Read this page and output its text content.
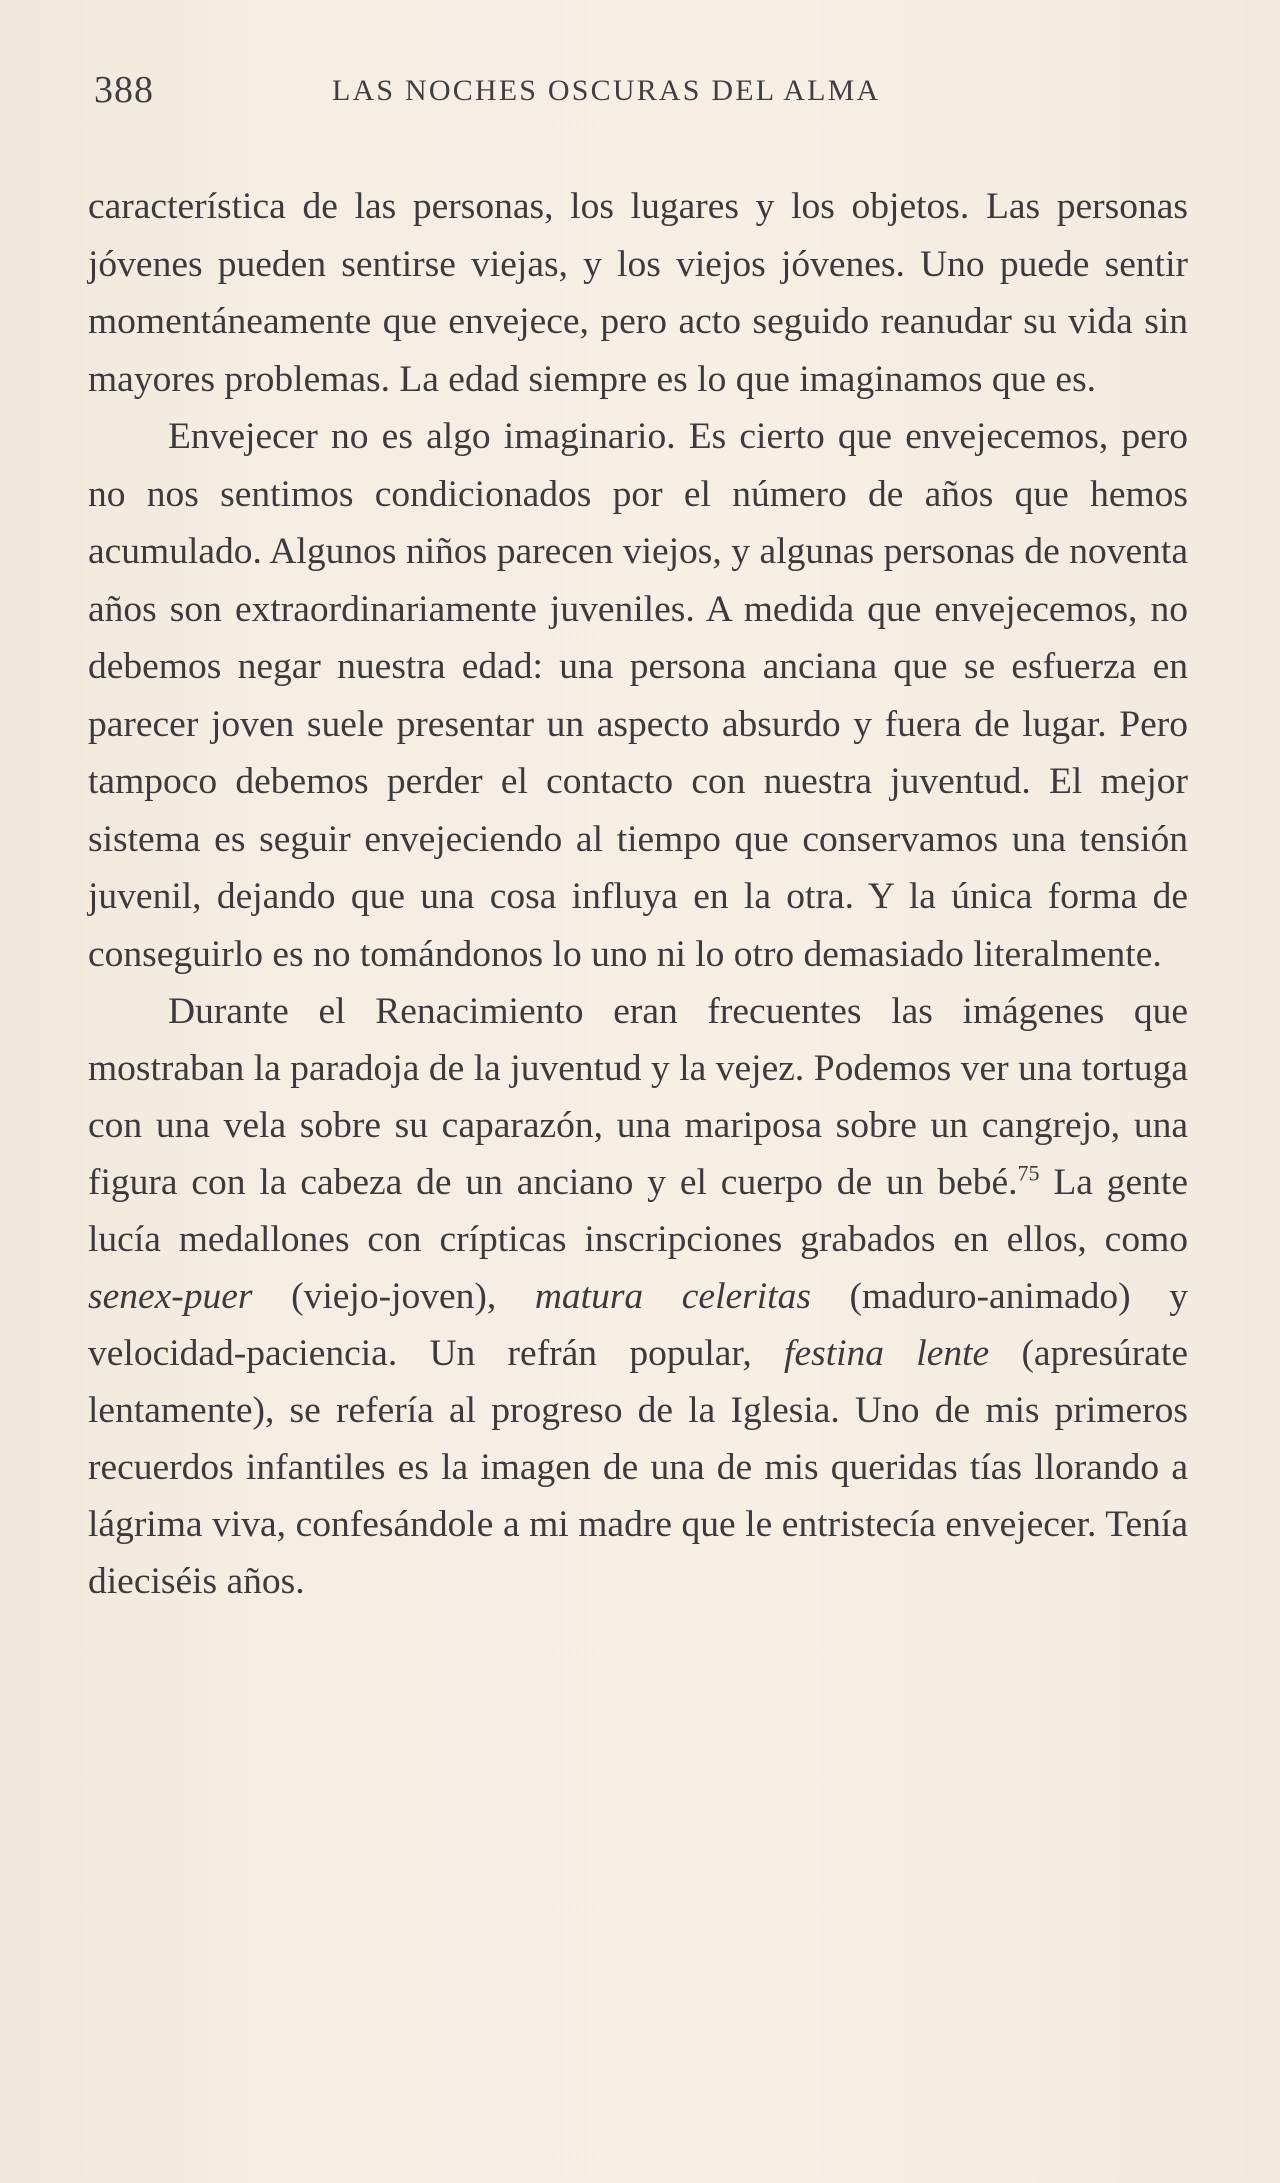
388	LAS NOCHES OSCURAS DEL ALMA

característica de las personas, los lugares y los objetos. Las personas jóvenes pueden sentirse viejas, y los viejos jóvenes. Uno puede sentir momentáneamente que envejece, pero acto seguido reanudar su vida sin mayores problemas. La edad siempre es lo que imaginamos que es.

Envejecer no es algo imaginario. Es cierto que envejecemos, pero no nos sentimos condicionados por el número de años que hemos acumulado. Algunos niños parecen viejos, y algunas personas de noventa años son extraordinariamente juveniles. A medida que envejecemos, no debemos negar nuestra edad: una persona anciana que se esfuerza en parecer joven suele presentar un aspecto absurdo y fuera de lugar. Pero tampoco debemos perder el contacto con nuestra juventud. El mejor sistema es seguir envejeciendo al tiempo que conservamos una tensión juvenil, dejando que una cosa influya en la otra. Y la única forma de conseguirlo es no tomándonos lo uno ni lo otro demasiado literalmente.

Durante el Renacimiento eran frecuentes las imágenes que mostraban la paradoja de la juventud y la vejez. Podemos ver una tortuga con una vela sobre su caparazón, una mariposa sobre un cangrejo, una figura con la cabeza de un anciano y el cuerpo de un bebé.$^{75}$ La gente lucía medallones con crípticas inscripciones grabados en ellos, como senex-puer (viejo-joven), matura celeritas (maduro-animado) y velocidad-paciencia. Un refrán popular, festina lente (apresúrate lentamente), se refería al progreso de la Iglesia. Uno de mis primeros recuerdos infantiles es la imagen de una de mis queridas tías llorando a lágrima viva, confesándole a mi madre que le entristecía envejecer. Tenía dieciséis años.
